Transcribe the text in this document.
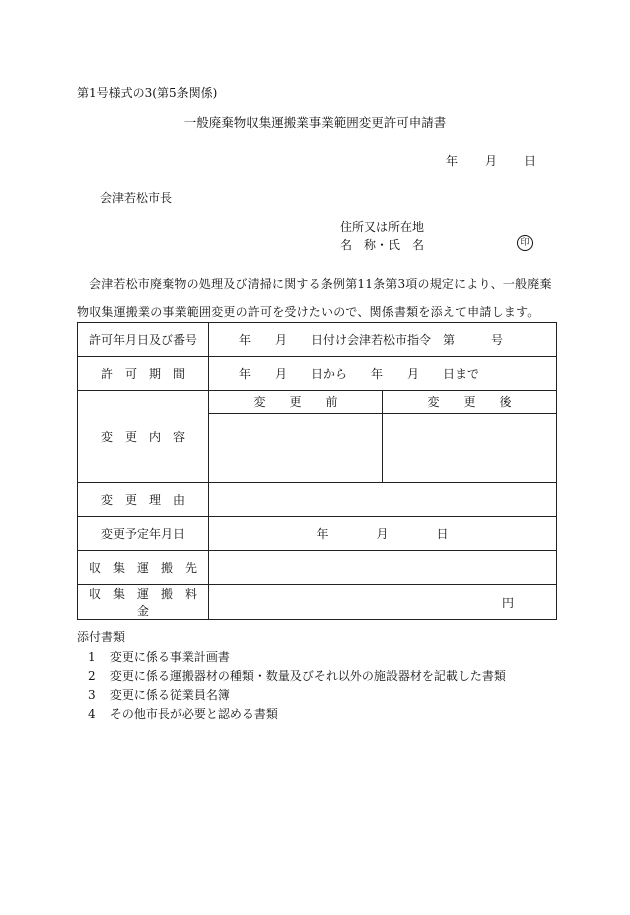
第1号様式の3(第5条関係)
一般廃棄物収集運搬業事業範囲変更許可申請書
年 月 日
会津若松市長
住所又は所在地
名　称・氏　名	印
会津若松市廃棄物の処理及び清掃に関する条例第11条第3項の規定により、一般廃棄物収集運搬業の事業範囲変更の許可を受けたいので、関係書類を添えて申請します。
許可年月日及び番号	年　　月　　日付け会津若松市指令　第　　　号
許　可　期　間	年　　月　　日から　　年　　月　　日まで
変　更　内　容	変　　更　　前 変　　更　　後

変　更　理　由	
変更予定年月日	年　　　　月　　　　日
収　集　運　搬　先	
収　集　運　搬　料　金	円
添付書類
1 変更に係る事業計画書
2 変更に係る運搬器材の種類・数量及びそれ以外の施設器材を記載した書類
3 変更に係る従業員名簿
4 その他市長が必要と認める書類
